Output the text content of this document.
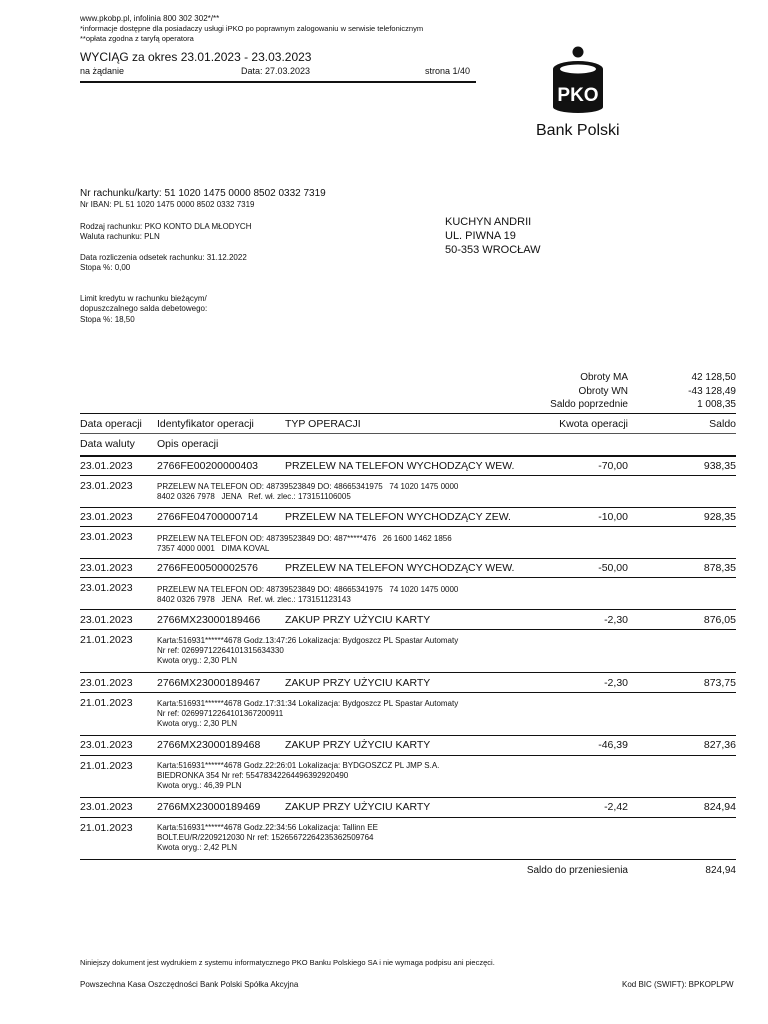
www.pkobp.pl, infolinia 800 302 302*/**
*informacje dostępne dla posiadaczy usługi iPKO po poprawnym zalogowaniu w serwisie telefonicznym
**opłata zgodna z taryfą operatora
WYCIĄG za okres 23.01.2023 - 23.03.2023
na żądanie	Data: 27.03.2023	strona 1/40
PKO
Bank Polski
Nr rachunku/karty: 51 1020 1475 0000 8502 0332 7319
Nr IBAN: PL 51 1020 1475 0000 8502 0332 7319
Rodzaj rachunku: PKO KONTO DLA MŁODYCH
Waluta rachunku: PLN
Data rozliczenia odsetek rachunku: 31.12.2022
Stopa %: 0,00
Limit kredytu w rachunku bieżącym/
dopuszczalnego salda debetowego:
Stopa %: 18,50
KUCHYN ANDRII
UL. PIWNA 19
50-353 WROCŁAW
Obroty MA	42 128,50
Obroty WN	-43 128,49
Saldo poprzednie	1 008,35
Data operacji Identyfikator operacji	TYP OPERACJI	Kwota operacji	Saldo
Data waluty Opis operacji
23.01.2023 2766FE00200000403	PRZELEW NA TELEFON WYCHODZĄCY WEW.	-70,00	938,35
23.01.2023	PRZELEW NA TELEFON OD: 48739523849 DO: 48665341975   74 1020 1475 0000
8402 0326 7978   JENA   Ref. wł. zlec.: 173151106005
23.01.2023 2766FE04700000714	PRZELEW NA TELEFON WYCHODZĄCY ZEW.	-10,00	928,35
23.01.2023	PRZELEW NA TELEFON OD: 48739523849 DO: 487*****476   26 1600 1462 1856
7357 4000 0001   DIMA KOVAL
23.01.2023 2766FE00500002576	PRZELEW NA TELEFON WYCHODZĄCY WEW.	-50,00	878,35
23.01.2023	PRZELEW NA TELEFON OD: 48739523849 DO: 48665341975   74 1020 1475 0000
8402 0326 7978   JENA   Ref. wł. zlec.: 173151123143
23.01.2023 2766MX23000189466 ZAKUP PRZY UŻYCIU KARTY	-2,30	876,05
21.01.2023	Karta:516931******4678 Godz.13:47:26 Lokalizacja: Bydgoszcz PL Spastar Automaty
Nr ref: 02699712264101315634330
Kwota oryg.: 2,30 PLN
23.01.2023 2766MX23000189467 ZAKUP PRZY UŻYCIU KARTY	-2,30	873,75
21.01.2023	Karta:516931******4678 Godz.17:31:34 Lokalizacja: Bydgoszcz PL Spastar Automaty
Nr ref: 02699712264101367200911
Kwota oryg.: 2,30 PLN
23.01.2023 2766MX23000189468 ZAKUP PRZY UŻYCIU KARTY	-46,39	827,36
21.01.2023	Karta:516931******4678 Godz.22:26:01 Lokalizacja: BYDGOSZCZ PL JMP S.A.
BIEDRONKA 354 Nr ref: 55478342264496392920490
Kwota oryg.: 46,39 PLN
23.01.2023 2766MX23000189469 ZAKUP PRZY UŻYCIU KARTY	-2,42	824,94
21.01.2023	Karta:516931******4678 Godz.22:34:56 Lokalizacja: Tallinn EE
BOLT.EU/R/2209212030 Nr ref: 15265672264235362509764
Kwota oryg.: 2,42 PLN
Saldo do przeniesienia	824,94
Niniejszy dokument jest wydrukiem z systemu informatycznego PKO Banku Polskiego SA i nie wymaga podpisu ani pieczęci.
Powszechna Kasa Oszczędności Bank Polski Spółka Akcyjna	Kod BIC (SWIFT): BPKOPLPW
